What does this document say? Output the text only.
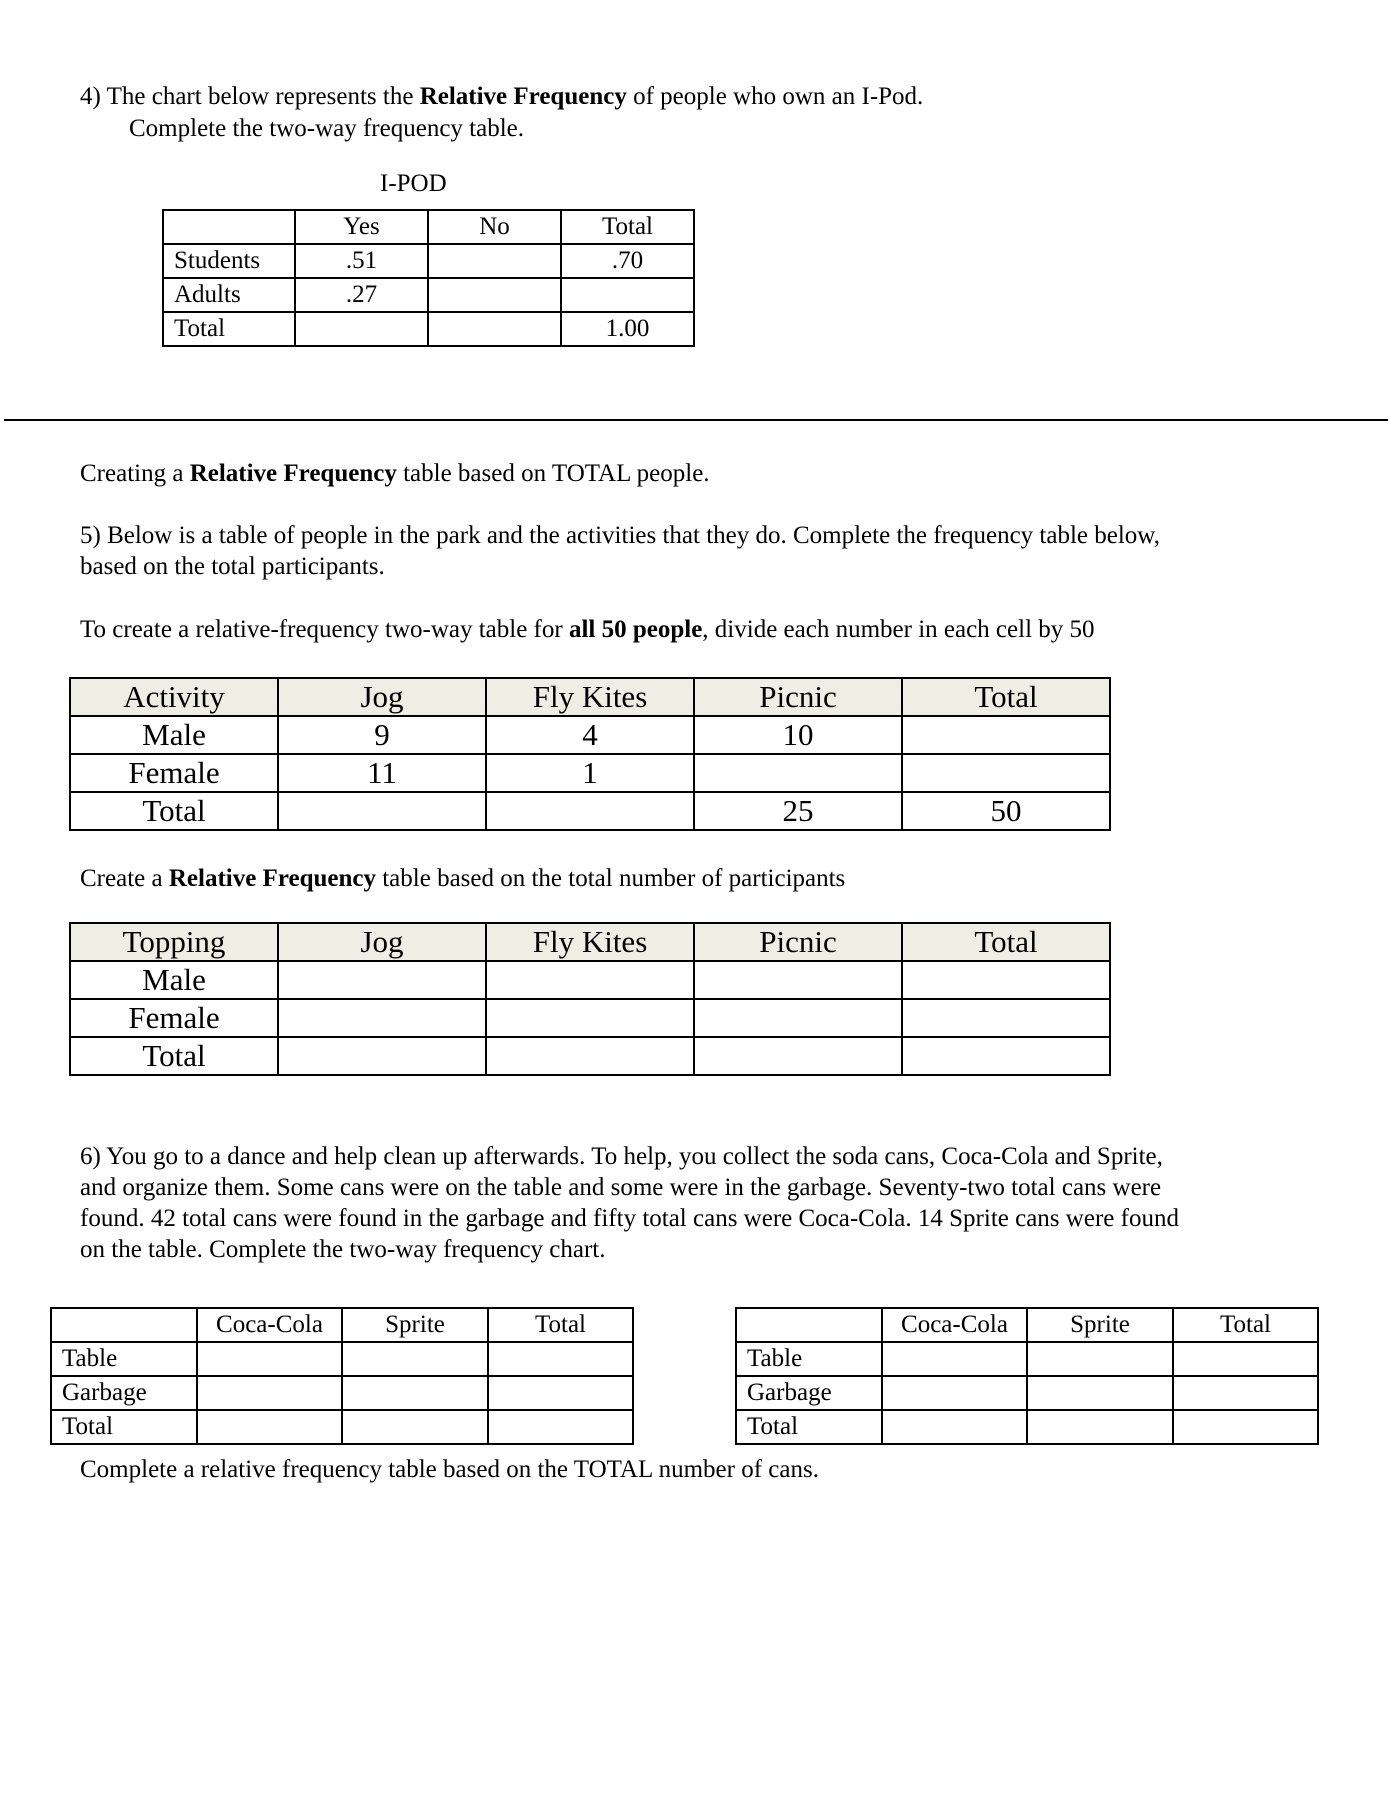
4) The chart below represents the Relative Frequency of people who own an I-Pod.
Complete the two-way frequency table.
I-POD
	Yes	No	Total
Students	.51		.70
Adults	.27		
Total			1.00
Creating a Relative Frequency table based on TOTAL people.
5) Below is a table of people in the park and the activities that they do. Complete the frequency table below,
based on the total participants.
To create a relative-frequency two-way table for all 50 people, divide each number in each cell by 50
Activity	Jog	Fly Kites	Picnic	Total
Male	9	4	10	
Female	11	1		
Total			25	50
Create a Relative Frequency table based on the total number of participants
Topping	Jog	Fly Kites	Picnic	Total
Male				
Female				
Total				
6) You go to a dance and help clean up afterwards. To help, you collect the soda cans, Coca-Cola and Sprite,
and organize them. Some cans were on the table and some were in the garbage. Seventy-two total cans were
found. 42 total cans were found in the garbage and fifty total cans were Coca-Cola. 14 Sprite cans were found
on the table. Complete the two-way frequency chart.
	Coca-Cola	Sprite	Total
Table			
Garbage			
Total			
	Coca-Cola	Sprite	Total
Table			
Garbage			
Total			
Complete a relative frequency table based on the TOTAL number of cans.
